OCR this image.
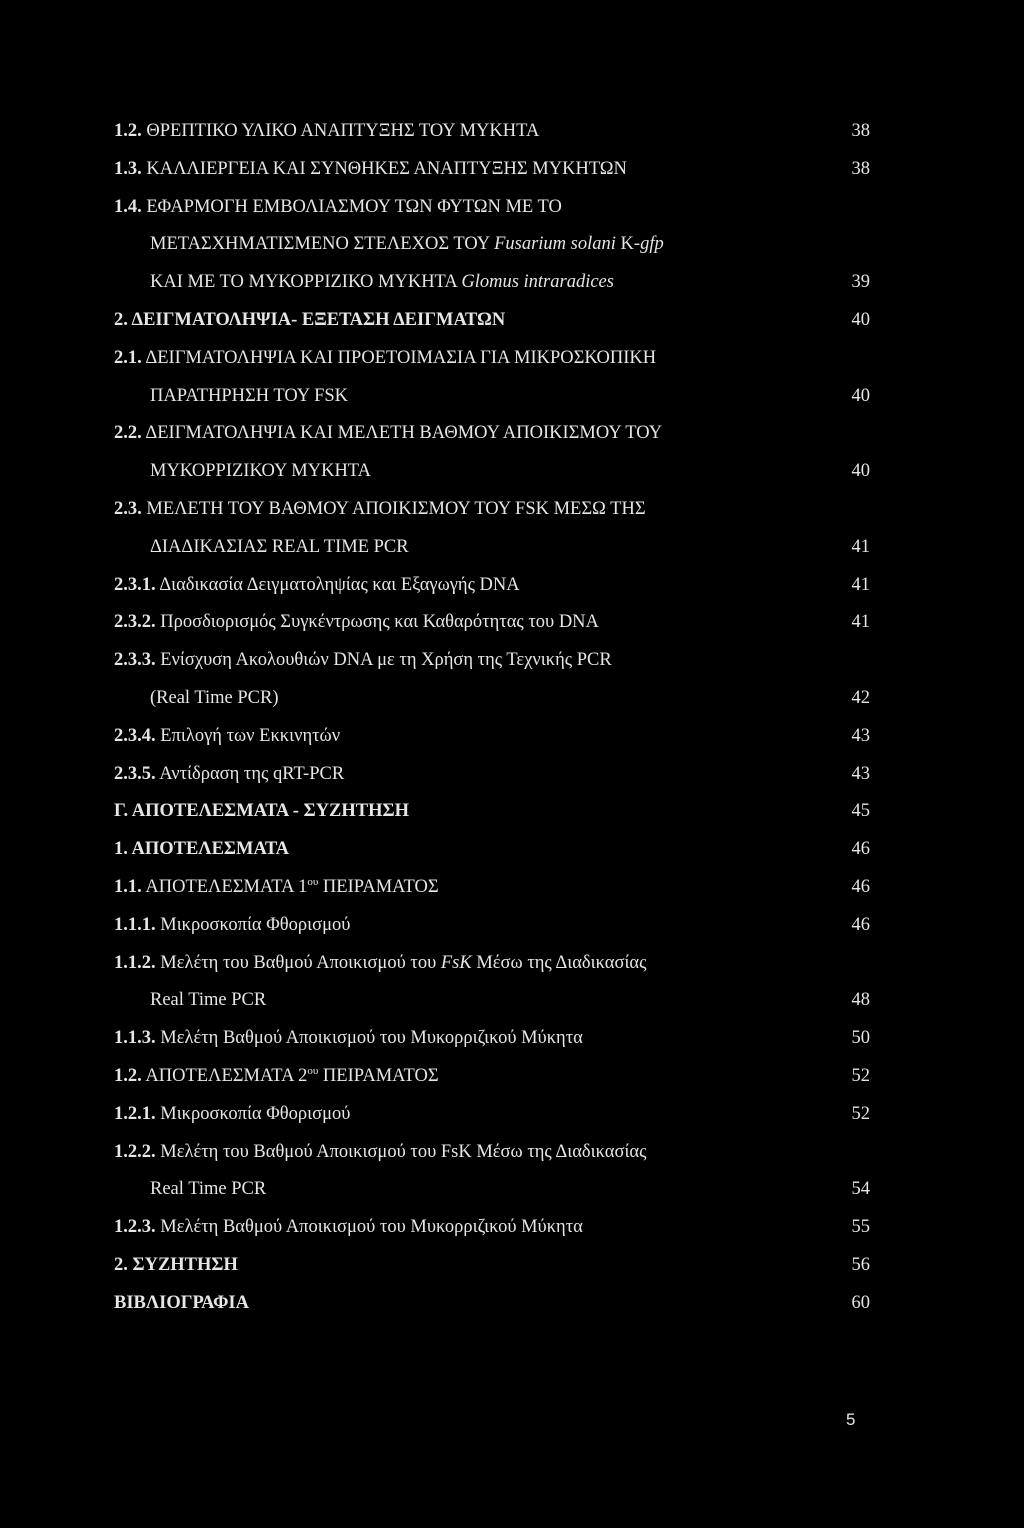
1.2. ΘΡΕΠΤΙΚΟ ΥΛΙΚΟ ΑΝΑΠΤΥΞΗΣ ΤΟΥ ΜΥΚΗΤΑ	38
1.3. ΚΑΛΛΙΕΡΓΕΙΑ ΚΑΙ ΣΥΝΘΗΚΕΣ ΑΝΑΠΤΥΞΗΣ ΜΥΚΗΤΩΝ	38
1.4. ΕΦΑΡΜΟΓΗ ΕΜΒΟΛΙΑΣΜΟΥ ΤΩΝ ΦΥΤΩΝ ΜΕ ΤΟ
ΜΕΤΑΣΧΗΜΑΤΙΣΜΕΝΟ ΣΤΕΛΕΧΟΣ ΤΟΥ Fusarium solani K-gfp
ΚΑΙ ΜΕ ΤΟ ΜΥΚΟΡΡΙΖΙΚΟ ΜΥΚΗΤΑ Glomus intraradices	39
2. ΔΕΙΓΜΑΤΟΛΗΨΙΑ- ΕΞΕΤΑΣΗ ΔΕΙΓΜΑΤΩΝ	40
2.1. ΔΕΙΓΜΑΤΟΛΗΨΙΑ ΚΑΙ ΠΡΟΕΤΟΙΜΑΣΙΑ ΓΙΑ ΜΙΚΡΟΣΚΟΠΙΚΗ
ΠΑΡΑΤΗΡΗΣΗ ΤΟΥ FSK	40
2.2. ΔΕΙΓΜΑΤΟΛΗΨΙΑ ΚΑΙ ΜΕΛΕΤΗ ΒΑΘΜΟΥ ΑΠΟΙΚΙΣΜΟΥ ΤΟΥ
ΜΥΚΟΡΡΙΖΙΚΟΥ ΜΥΚΗΤΑ	40
2.3. ΜΕΛΕΤΗ ΤΟΥ ΒΑΘΜΟΥ ΑΠΟΙΚΙΣΜΟΥ ΤΟΥ FSK ΜΕΣΩ ΤΗΣ
ΔΙΑΔΙΚΑΣΙΑΣ REAL TIME PCR	41
2.3.1. Διαδικασία Δειγματοληψίας και Εξαγωγής DNA	41
2.3.2. Προσδιορισμός Συγκέντρωσης και Καθαρότητας του DNA	41
2.3.3. Ενίσχυση Ακολουθιών DNA με τη Χρήση της Τεχνικής PCR
(Real Time PCR)	42
2.3.4. Επιλογή των Εκκινητών	43
2.3.5. Αντίδραση της qRT-PCR	43
Γ. ΑΠΟΤΕΛΕΣΜΑΤΑ - ΣΥΖΗΤΗΣΗ	45
1. ΑΠΟΤΕΛΕΣΜΑΤΑ	46
1.1. ΑΠΟΤΕΛΕΣΜΑΤΑ $1^{o\upsilon}$ ΠΕΙΡΑΜΑΤΟΣ	46
1.1.1. Μικροσκοπία Φθορισμού	46
1.1.2. Μελέτη του Βαθμού Αποικισμού του FsK Μέσω της Διαδικασίας
Real Time PCR	48
1.1.3. Μελέτη Βαθμού Αποικισμού του Μυκορριζικού Μύκητα	50
1.2. ΑΠΟΤΕΛΕΣΜΑΤΑ $2^{o\upsilon}$ ΠΕΙΡΑΜΑΤΟΣ	52
1.2.1. Μικροσκοπία Φθορισμού	52
1.2.2. Μελέτη του Βαθμού Αποικισμού του FsK Μέσω της Διαδικασίας
Real Time PCR	54
1.2.3. Μελέτη Βαθμού Αποικισμού του Μυκορριζικού Μύκητα	55
2. ΣΥΖΗΤΗΣΗ	56
ΒΙΒΛΙΟΓΡΑΦΙΑ	60
5
